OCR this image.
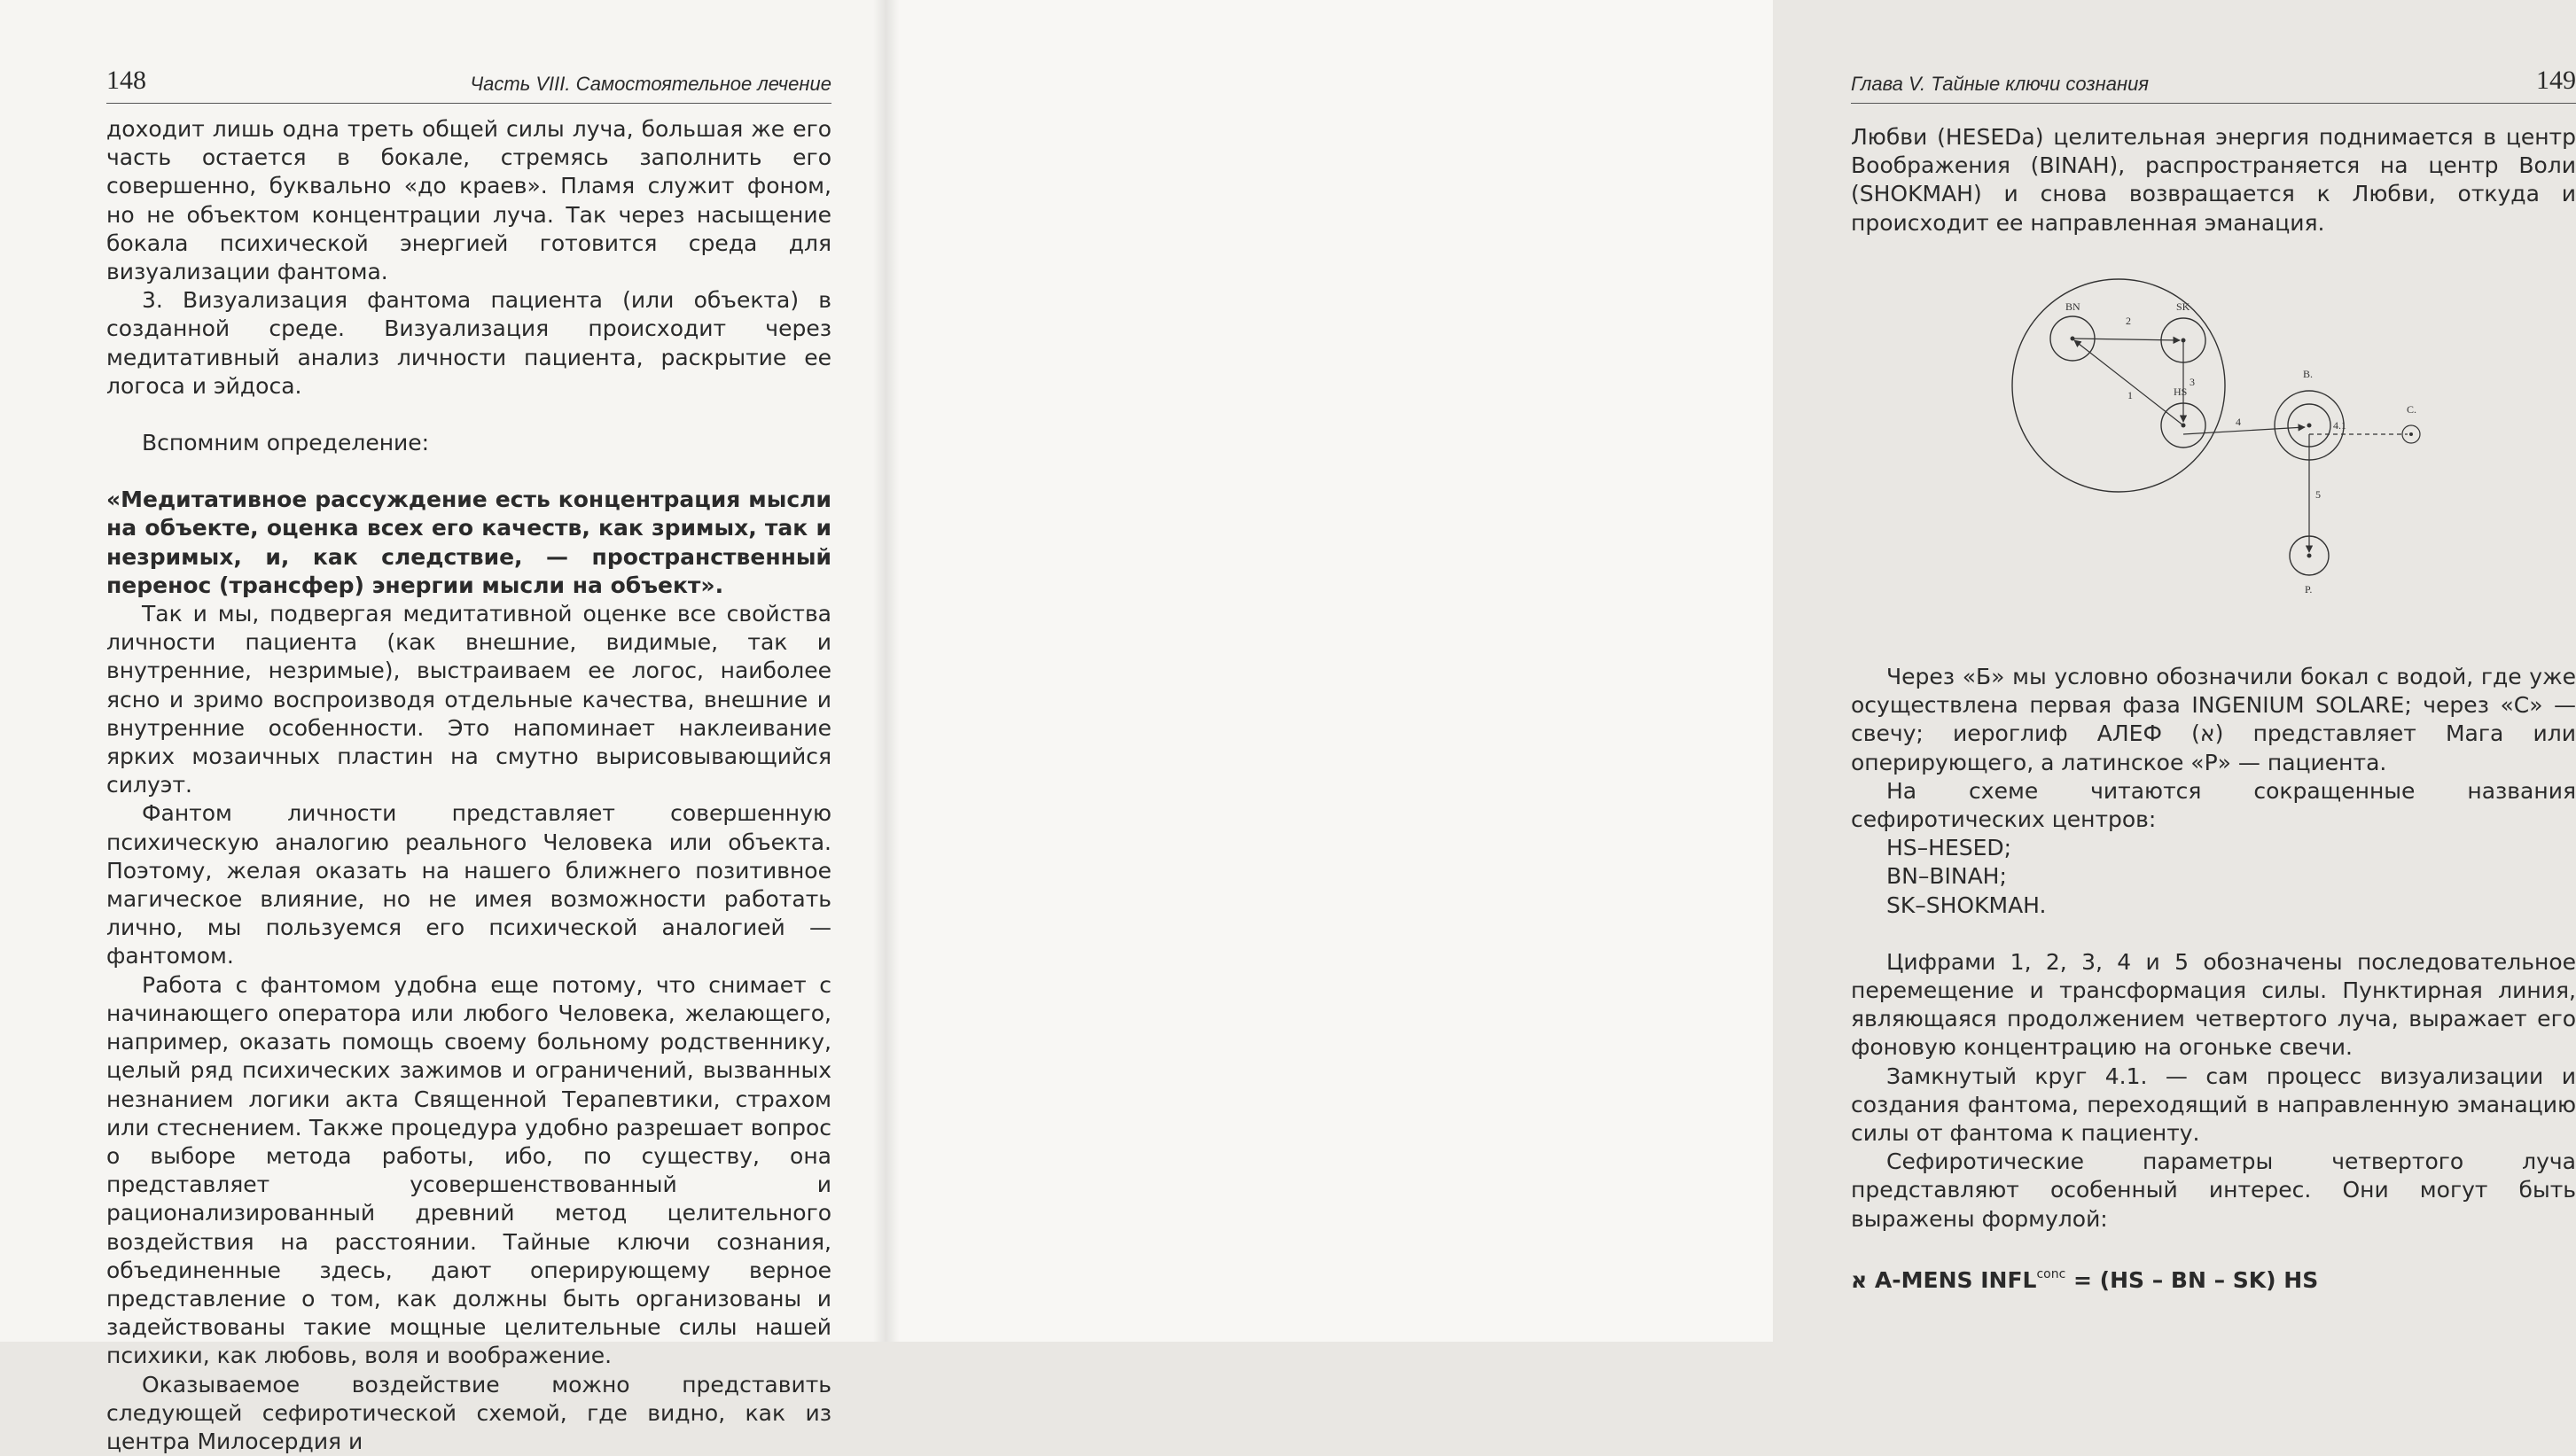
148	Часть VIII. Самостоятельное лечение

доходит лишь одна треть общей силы луча, большая же его часть остается в бокале, стремясь заполнить его совершенно, буквально «до краев». Пламя служит фоном, но не объектом концентрации луча. Так через насыщение бокала психической энергией готовится среда для визуализации фантома.

3. Визуализация фантома пациента (или объекта) в созданной среде. Визуализация происходит через медитативный анализ личности пациента, раскрытие ее логоса и эйдоса.

Вспомним определение:

«Медитативное рассуждение есть концентрация мысли на объекте, оценка всех его качеств, как зримых, так и незримых, и, как следствие, — пространственный перенос (трансфер) энергии мысли на объект».

Так и мы, подвергая медитативной оценке все свойства личности пациента (как внешние, видимые, так и внутренние, незримые), выстраиваем ее логос, наиболее ясно и зримо воспроизводя отдельные качества, внешние и внутренние особенности. Это напоминает наклеивание ярких мозаичных пластин на смутно вырисовывающийся силуэт.

Фантом личности представляет совершенную психическую аналогию реального Человека или объекта. Поэтому, желая оказать на нашего ближнего позитивное магическое влияние, но не имея возможности работать лично, мы пользуемся его психической аналогией — фантомом.

Работа с фантомом удобна еще потому, что снимает с начинающего оператора или любого Человека, желающего, например, оказать помощь своему больному родственнику, целый ряд психических зажимов и ограничений, вызванных незнанием логики акта Священной Терапевтики, страхом или стеснением. Также процедура удобно разрешает вопрос о выборе метода работы, ибо, по существу, она представляет усовершенствованный и рационализированный древний метод целительного воздействия на расстоянии. Тайные ключи сознания, объединенные здесь, дают оперирующему верное представление о том, как должны быть организованы и задействованы такие мощные целительные силы нашей психики, как любовь, воля и воображение.

Оказываемое воздействие можно представить следующей сефиротической схемой, где видно, как из центра Милосердия и

Глава V. Тайные ключи сознания	149

Любви (HESEDa) целительная энергия поднимается в центр Воображения (BINAH), распространяется на центр Воли (SHOKMAH) и снова возвращается к Любви, откуда и происходит ее направленная эманация.

Через «Б» мы условно обозначили бокал с водой, где уже осуществлена первая фаза INGENIUM SOLARE; через «С» — свечу; иероглиф АЛЕФ (א) представляет Мага или оперирующего, а латинское «Р» — пациента.

На схеме читаются сокращенные названия сефиротических центров:

HS–HESED;

BN–BINAH;

SK–SHOKMAH.

Цифрами 1, 2, 3, 4 и 5 обозначены последовательное перемещение и трансформация силы. Пунктирная линия, являющаяся продолжением четвертого луча, выражает его фоновую концентрацию на огоньке свечи.

Замкнутый круг 4.1. — сам процесс визуализации и создания фантома, переходящий в направленную эманацию силы от фантома к пациенту.

Сефиротические параметры четвертого луча представляют особенный интерес. Они могут быть выражены формулой:

א A-MENS $INFL^{conc} = (HS$ – BN – SK) HS

BN	SK
HS
B.
C.
P.
1
2
3
4	4.1
5
